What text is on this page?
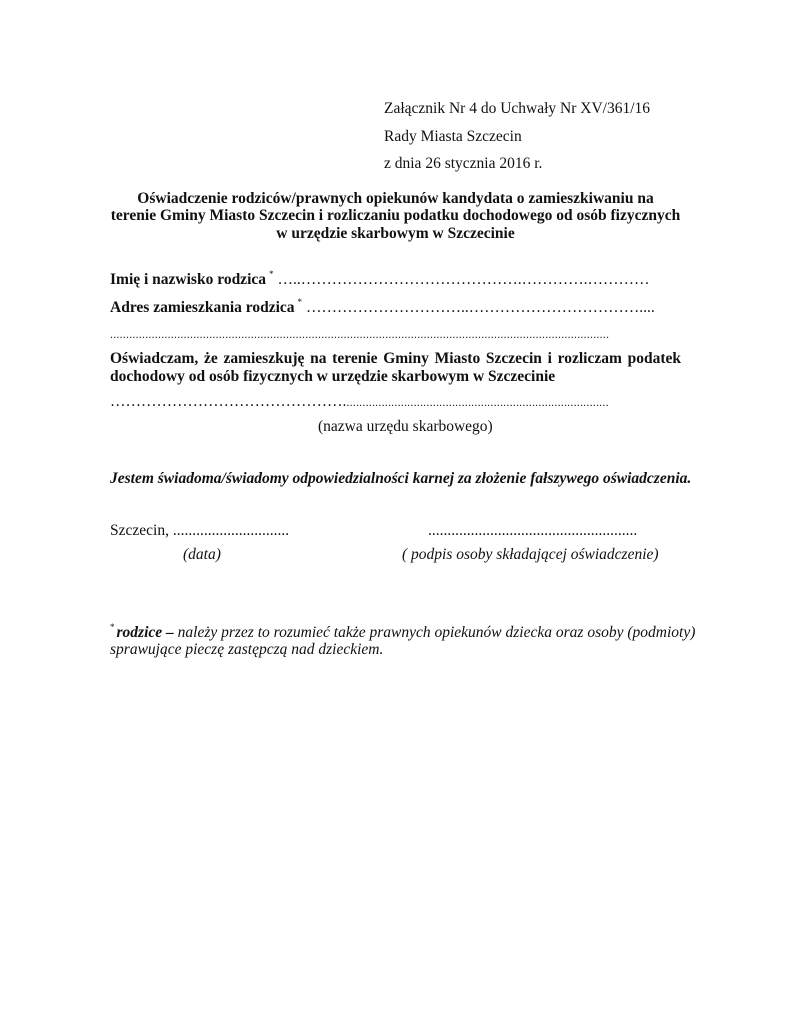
Załącznik Nr 4 do Uchwały Nr XV/361/16
Rady Miasta Szczecin
z dnia 26 stycznia 2016 r.
Oświadczenie rodziców/prawnych opiekunów kandydata o zamieszkiwaniu na
terenie Gminy Miasto Szczecin i rozliczaniu podatku dochodowego od osób fizycznych
w urzędzie skarbowym w Szczecinie
Imię i nazwisko rodzica * …..…………………………………….………….…………
Adres zamieszkania rodzica * …………………………..……………………………....
............................................................................................................................................................
Oświadczam, że zamieszkuję na terenie Gminy Miasto Szczecin i rozliczam podatek
dochodowy od osób fizycznych w urzędzie skarbowym w Szczecinie
………………………………………...................................................................................
(nazwa urzędu skarbowego)
Jestem świadoma/świadomy odpowiedzialności karnej za złożenie fałszywego oświadczenia.
Szczecin, ..............................	......................................................
(data)	( podpis osoby składającej oświadczenie)
* rodzice – należy przez to rozumieć także prawnych opiekunów dziecka oraz osoby (podmioty)
sprawujące pieczę zastępczą nad dzieckiem.
